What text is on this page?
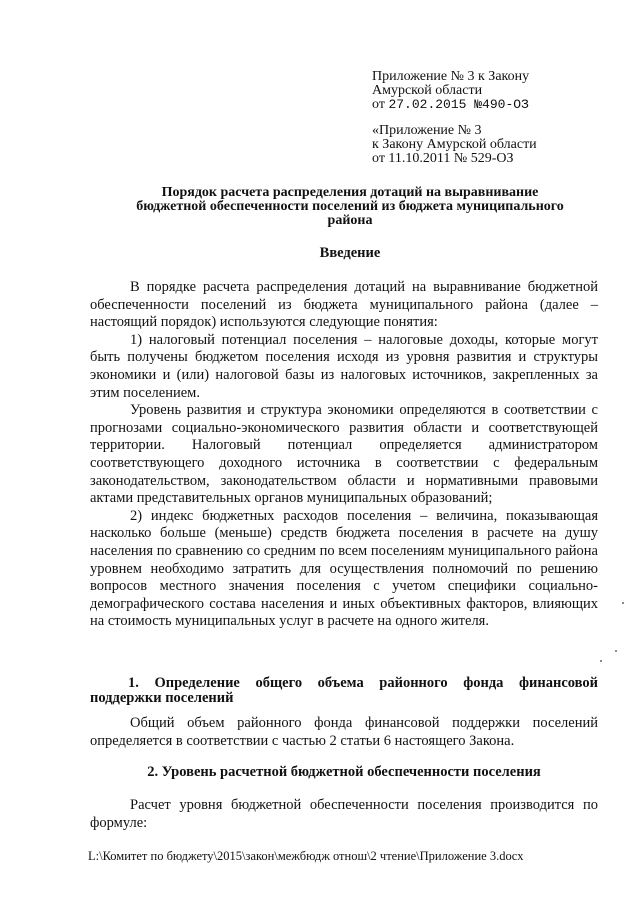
Приложение № 3 к Закону
Амурской области
от 27.02.2015 №490-ОЗ
«Приложение № 3
к Закону Амурской области
от 11.10.2011 № 529-ОЗ
Порядок расчета распределения дотаций на выравнивание
бюджетной обеспеченности поселений из бюджета муниципального
района
Введение

В порядке расчета распределения дотаций на выравнивание бюджетной обеспеченности поселений из бюджета муниципального района (далее – настоящий порядок) используются следующие понятия:

1) налоговый потенциал поселения – налоговые доходы, которые могут быть получены бюджетом поселения исходя из уровня развития и структуры экономики и (или) налоговой базы из налоговых источников, закрепленных за этим поселением.

Уровень развития и структура экономики определяются в соответствии с прогнозами социально-экономического развития области и соответствующей территории. Налоговый потенциал определяется администратором соответствующего доходного источника в соответствии с федеральным законодательством, законодательством области и нормативными правовыми актами представительных органов муниципальных образований;

2) индекс бюджетных расходов поселения – величина, показывающая насколько больше (меньше) средств бюджета поселения в расчете на душу населения по сравнению со средним по всем поселениям муниципального района уровнем необходимо затратить для осуществления полномочий по решению вопросов местного значения поселения с учетом специфики социально-демографического состава населения и иных объективных факторов, влияющих на стоимость муниципальных услуг в расчете на одного жителя.

1. Определение общего объема районного фонда финансовой
поддержки поселений

Общий объем районного фонда финансовой поддержки поселений определяется в соответствии с частью 2 статьи 6 настоящего Закона.

2. Уровень расчетной бюджетной обеспеченности поселения

Расчет уровня бюджетной обеспеченности поселения производится по формуле:

L:\Комитет по бюджету\2015\закон\межбюдж отнош\2 чтение\Приложение 3.docx
